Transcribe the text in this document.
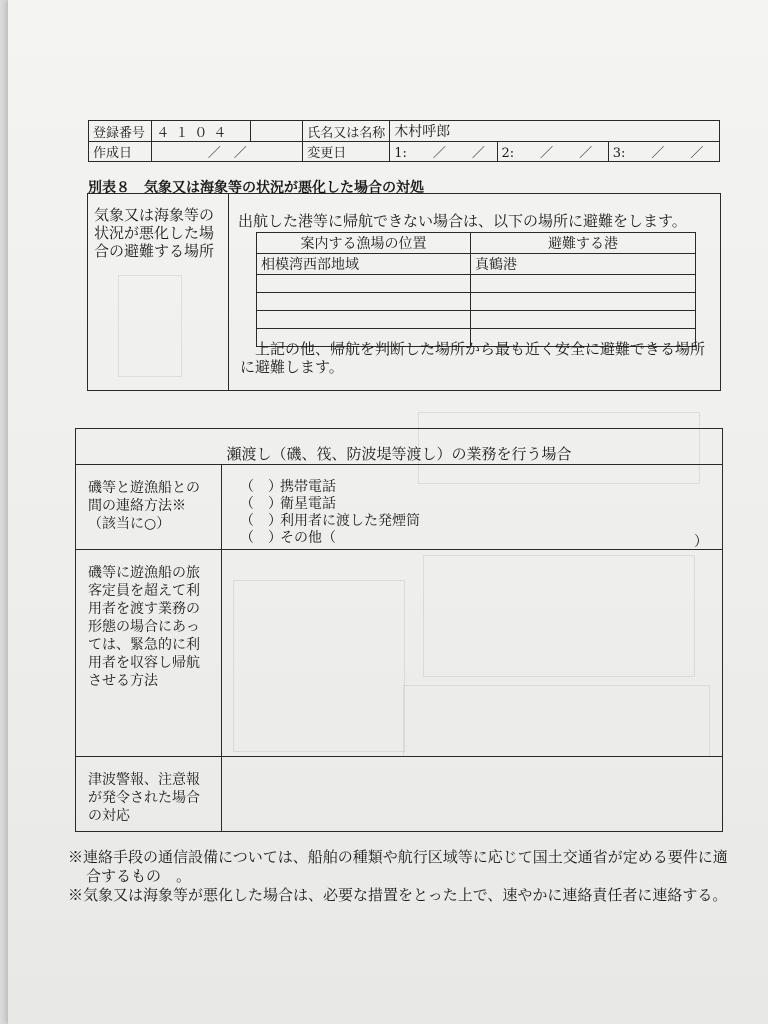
登録番号	４１０４		氏名又は名称	木村呼郎		
作成日	／　／		変更日	1:　　／　　／	2:　　／　　／	3:　　／　　／
別表８　気象又は海象等の状況が悪化した場合の対処
気象又は海象等の状況が悪化した場合の避難する場所
出航した港等に帰航できない場合は、以下の場所に避難をします。
案内する漁場の位置	避難する港
相模湾西部地域	真鶴港

　上記の他、帰航を判断した場所から最も近く安全に避難できる場所に避難します。
瀬渡し（磯、筏、防波堤等渡し）の業務を行う場合
磯等と遊漁船との間の連絡方法※（該当に○）
（　）　携帯電話
（　）　衛星電話
（　）　利用者に渡した発煙筒
（　）　その他（	）
磯等に遊漁船の旅客定員を超えて利用者を渡す業務の形態の場合にあっては、緊急的に利用者を収容し帰航させる方法
津波警報、注意報が発令された場合の対応

※連絡手段の通信設備については、船舶の種類や航行区域等に応じて国土交通省が定める要件に適合するもの　。

※気象又は海象等が悪化した場合は、必要な措置をとった上で、速やかに連絡責任者に連絡する。
